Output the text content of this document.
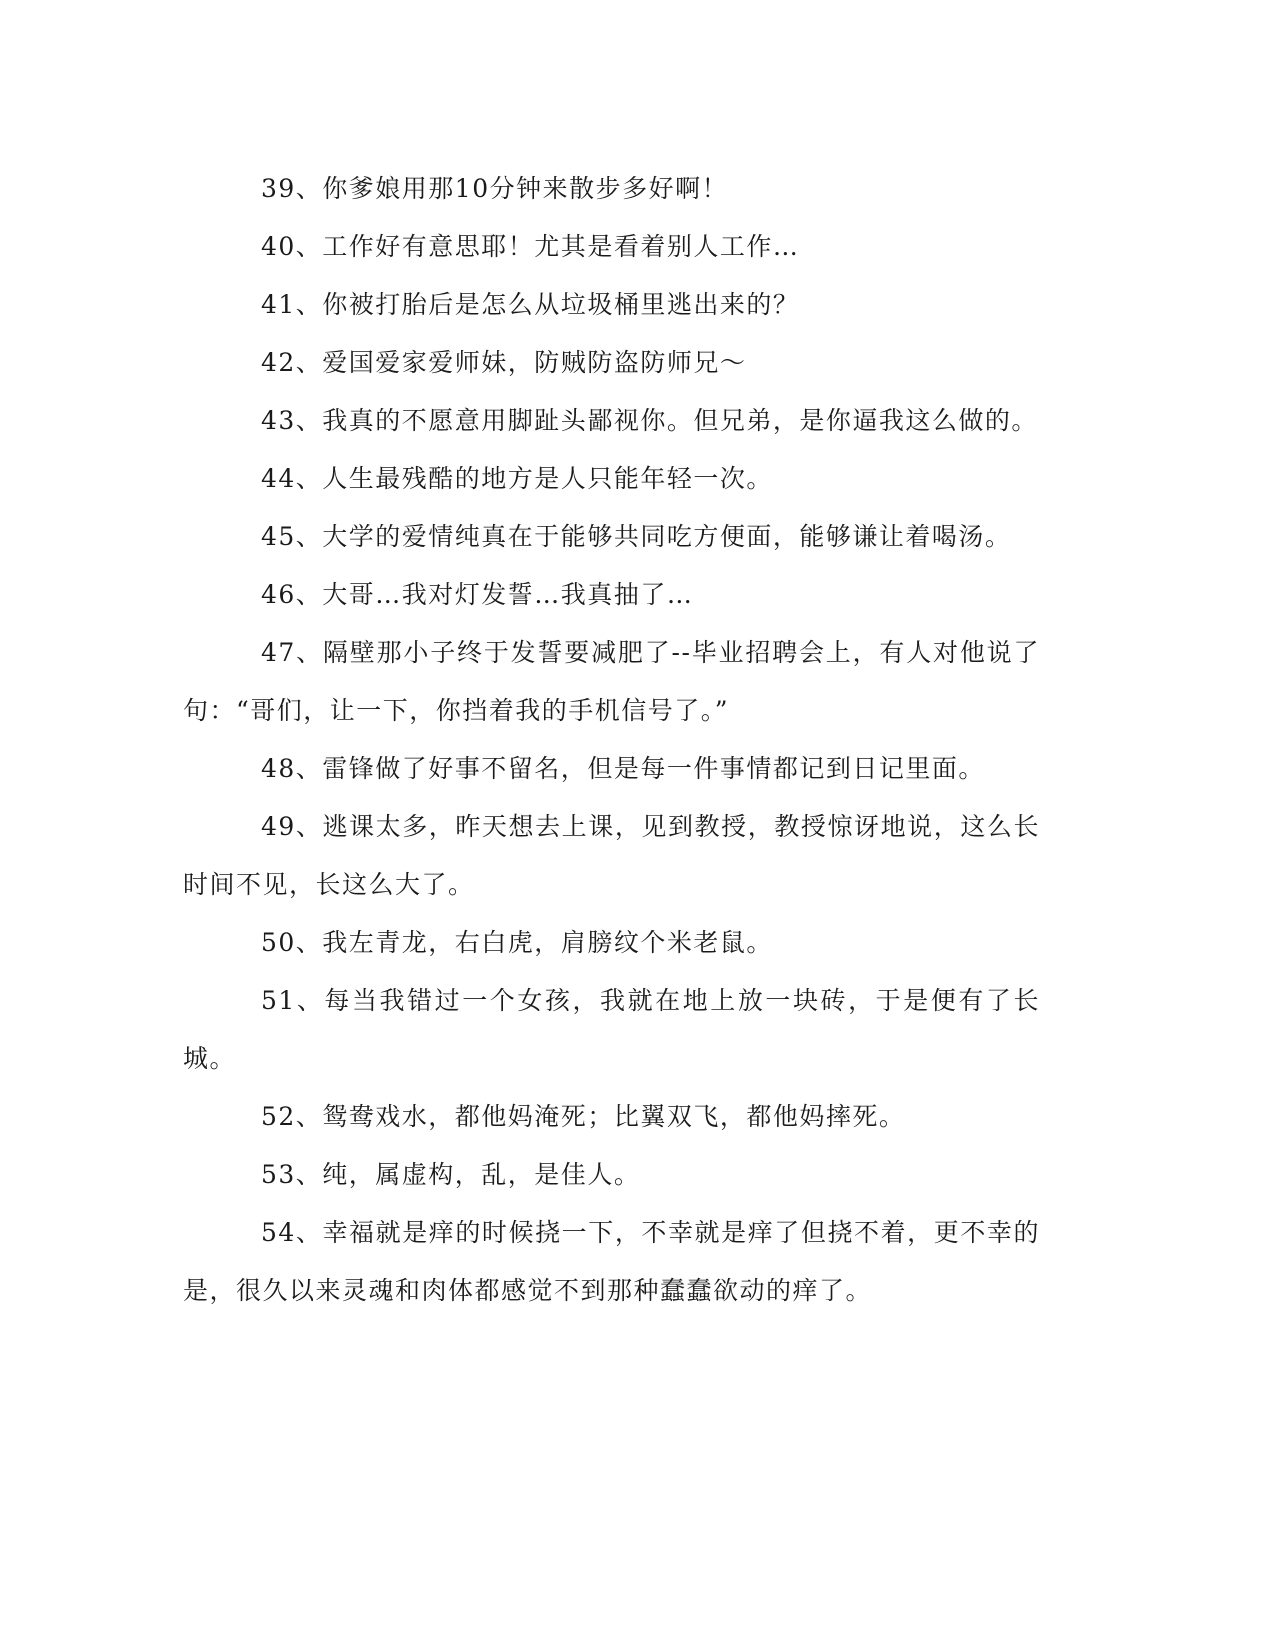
39、你爹娘用那10分钟来散步多好啊！

40、工作好有意思耶！尤其是看着别人工作…

41、你被打胎后是怎么从垃圾桶里逃出来的？

42、爱国爱家爱师妹，防贼防盗防师兄～

43、我真的不愿意用脚趾头鄙视你。但兄弟，是你逼我这么做的。

44、人生最残酷的地方是人只能年轻一次。

45、大学的爱情纯真在于能够共同吃方便面，能够谦让着喝汤。

46、大哥…我对灯发誓…我真抽了…

47、隔壁那小子终于发誓要减肥了--毕业招聘会上，有人对他说了句：“哥们，让一下，你挡着我的手机信号了。”

48、雷锋做了好事不留名，但是每一件事情都记到日记里面。

49、逃课太多，昨天想去上课，见到教授，教授惊讶地说，这么长时间不见，长这么大了。

50、我左青龙，右白虎，肩膀纹个米老鼠。

51、每当我错过一个女孩，我就在地上放一块砖，于是便有了长城。

52、鸳鸯戏水，都他妈淹死；比翼双飞，都他妈摔死。

53、纯，属虚构，乱，是佳人。

54、幸福就是痒的时候挠一下，不幸就是痒了但挠不着，更不幸的是，很久以来灵魂和肉体都感觉不到那种蠢蠢欲动的痒了。
